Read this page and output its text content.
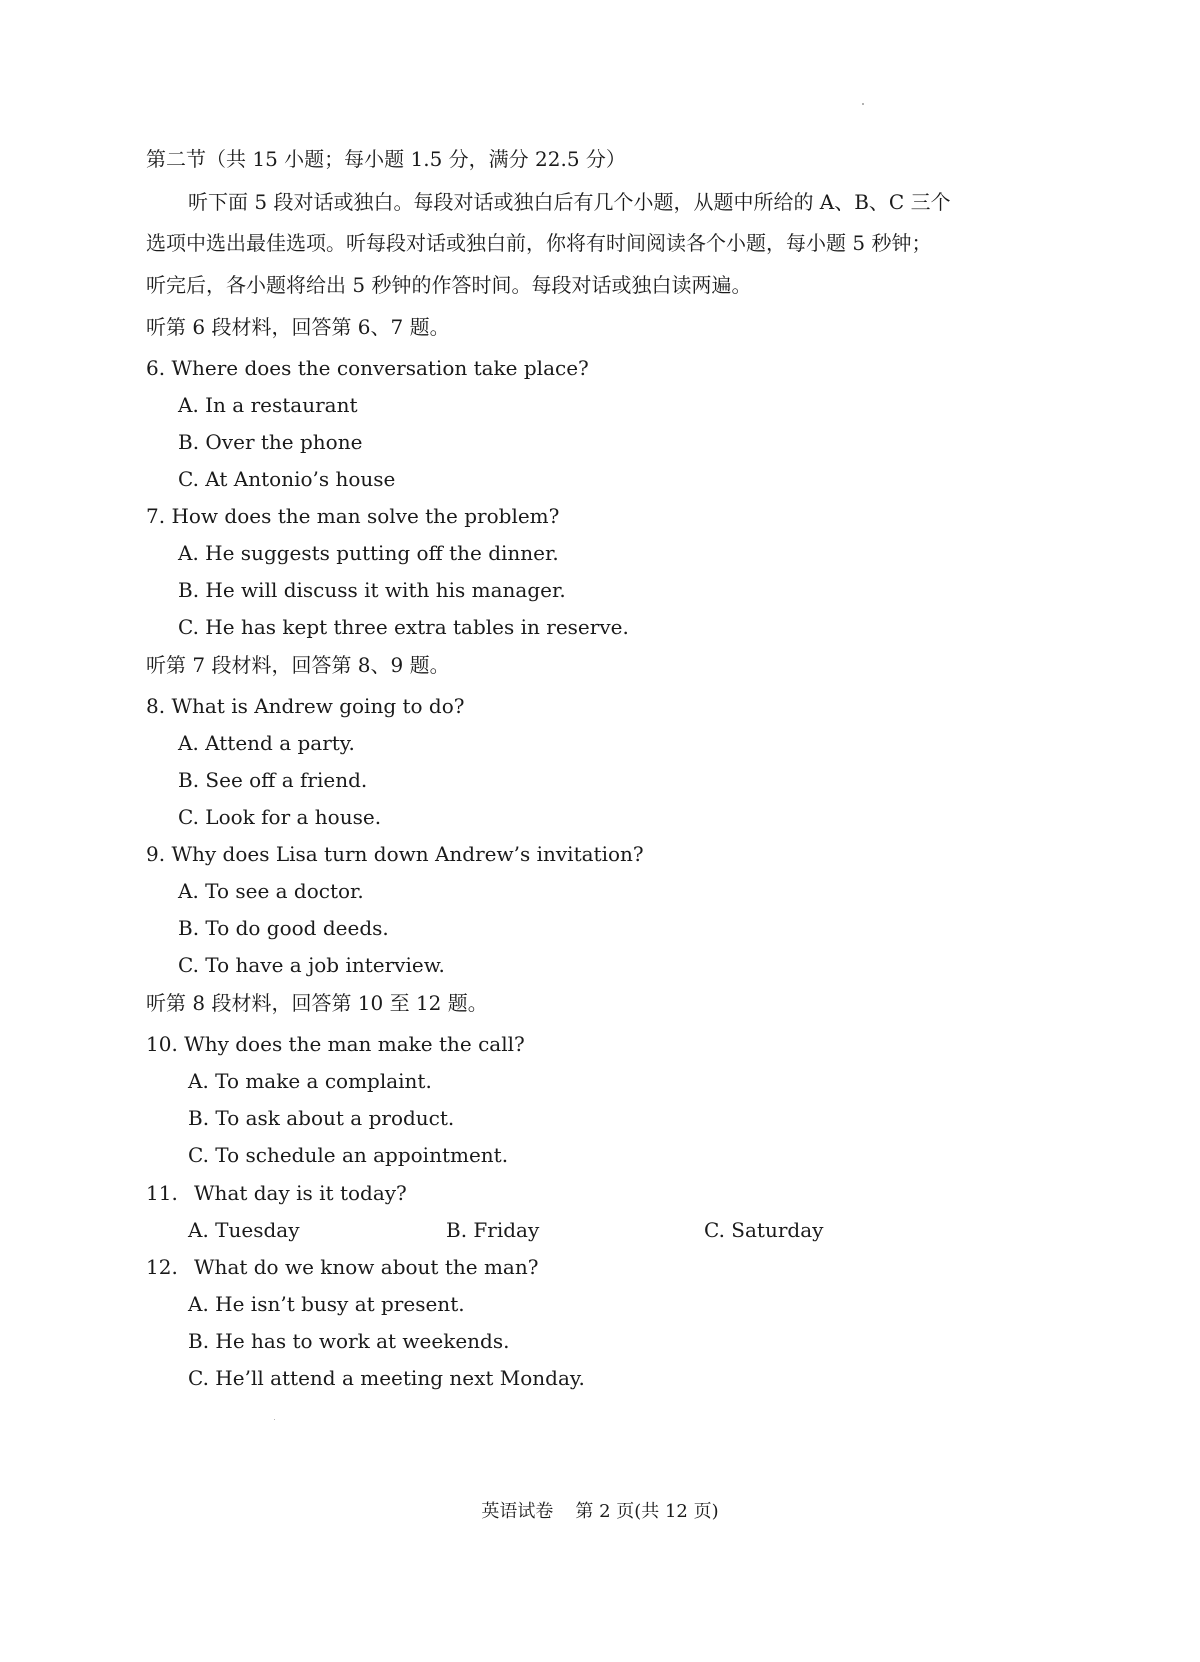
第二节（共 15 小题；每小题 1.5 分，满分 22.5 分）
听下面 5 段对话或独白。每段对话或独白后有几个小题，从题中所给的 A、B、C 三个
选项中选出最佳选项。听每段对话或独白前，你将有时间阅读各个小题，每小题 5 秒钟；
听完后，各小题将给出 5 秒钟的作答时间。每段对话或独白读两遍。
听第 6 段材料，回答第 6、7 题。
6. Where does the conversation take place?
A. In a restaurant
B. Over the phone
C. At Antonio’s house
7. How does the man solve the problem?
A. He suggests putting off the dinner.
B. He will discuss it with his manager.
C. He has kept three extra tables in reserve.
听第 7 段材料，回答第 8、9 题。
8. What is Andrew going to do?
A. Attend a party.
B. See off a friend.
C. Look for a house.
9. Why does Lisa turn down Andrew’s invitation?
A. To see a doctor.
B. To do good deeds.
C. To have a job interview.
听第 8 段材料，回答第 10 至 12 题。
10. Why does the man make the call?
A. To make a complaint.
B. To ask about a product.
C. To schedule an appointment.
11. What day is it today?
A. Tuesday	B. Friday	C. Saturday
12. What do we know about the man?
A. He isn’t busy at present.
B. He has to work at weekends.
C. He’ll attend a meeting next Monday.
英语试卷 第 2 页(共 12 页)
